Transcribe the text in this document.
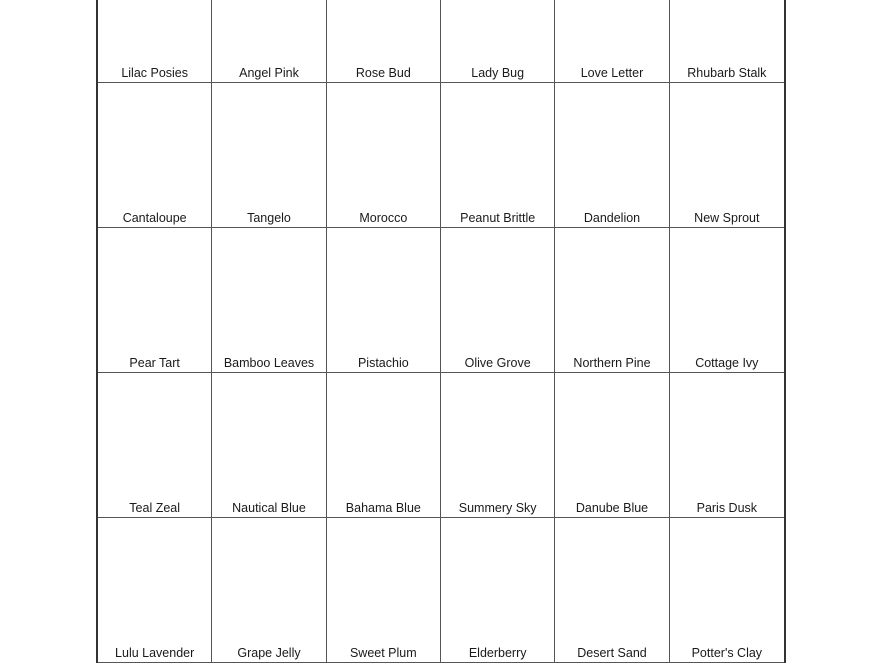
Lilac Posies	Angel Pink	Rose Bud	Lady Bug	Love Letter	Rhubarb Stalk
Cantaloupe	Tangelo	Morocco	Peanut Brittle	Dandelion	New Sprout
Pear Tart	Bamboo Leaves	Pistachio	Olive Grove	Northern Pine	Cottage Ivy
Teal Zeal	Nautical Blue	Bahama Blue	Summery Sky	Danube Blue	Paris Dusk
Lulu Lavender	Grape Jelly	Sweet Plum	Elderberry	Desert Sand	Potter's Clay
